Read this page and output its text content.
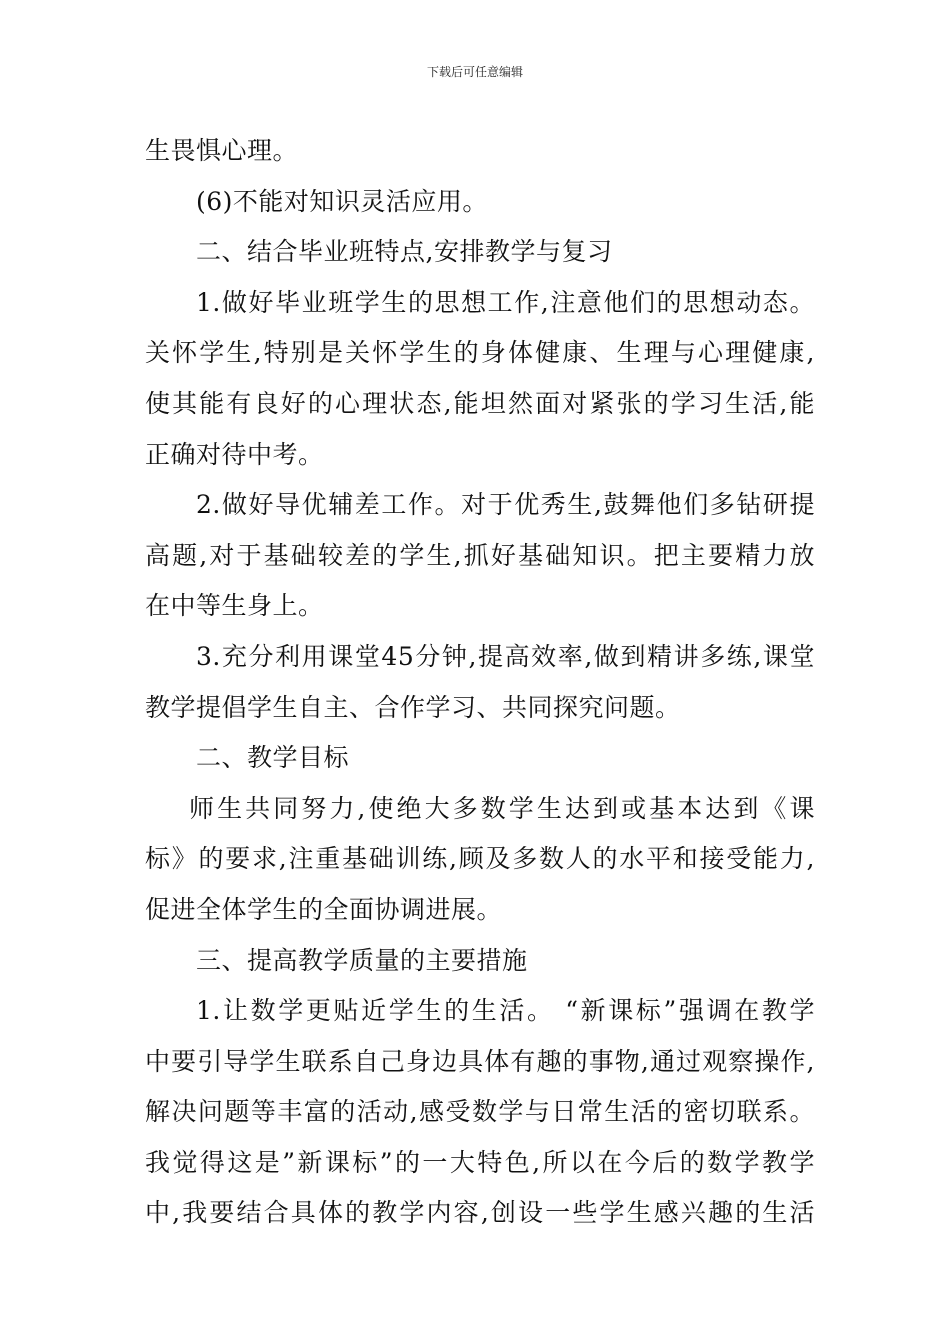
下载后可任意编辑
生畏惧心理。
(6)不能对知识灵活应用。
二、结合毕业班特点,安排教学与复习
1.做好毕业班学生的思想工作,注意他们的思想动态。
关怀学生,特别是关怀学生的身体健康、生理与心理健康,
使其能有良好的心理状态,能坦然面对紧张的学习生活,能
正确对待中考。
2.做好导优辅差工作。对于优秀生,鼓舞他们多钻研提
高题,对于基础较差的学生,抓好基础知识。把主要精力放
在中等生身上。
3.充分利用课堂45分钟,提高效率,做到精讲多练,课堂
教学提倡学生自主、合作学习、共同探究问题。
二、教学目标
师生共同努力,使绝大多数学生达到或基本达到《课
标》的要求,注重基础训练,顾及多数人的水平和接受能力,
促进全体学生的全面协调进展。
三、提高教学质量的主要措施
1.让数学更贴近学生的生活。 “新课标”强调在教学
中要引导学生联系自己身边具体有趣的事物,通过观察操作,
解决问题等丰富的活动,感受数学与日常生活的密切联系。
我觉得这是”新课标”的一大特色,所以在今后的数学教学
中,我要结合具体的教学内容,创设一些学生感兴趣的生活
